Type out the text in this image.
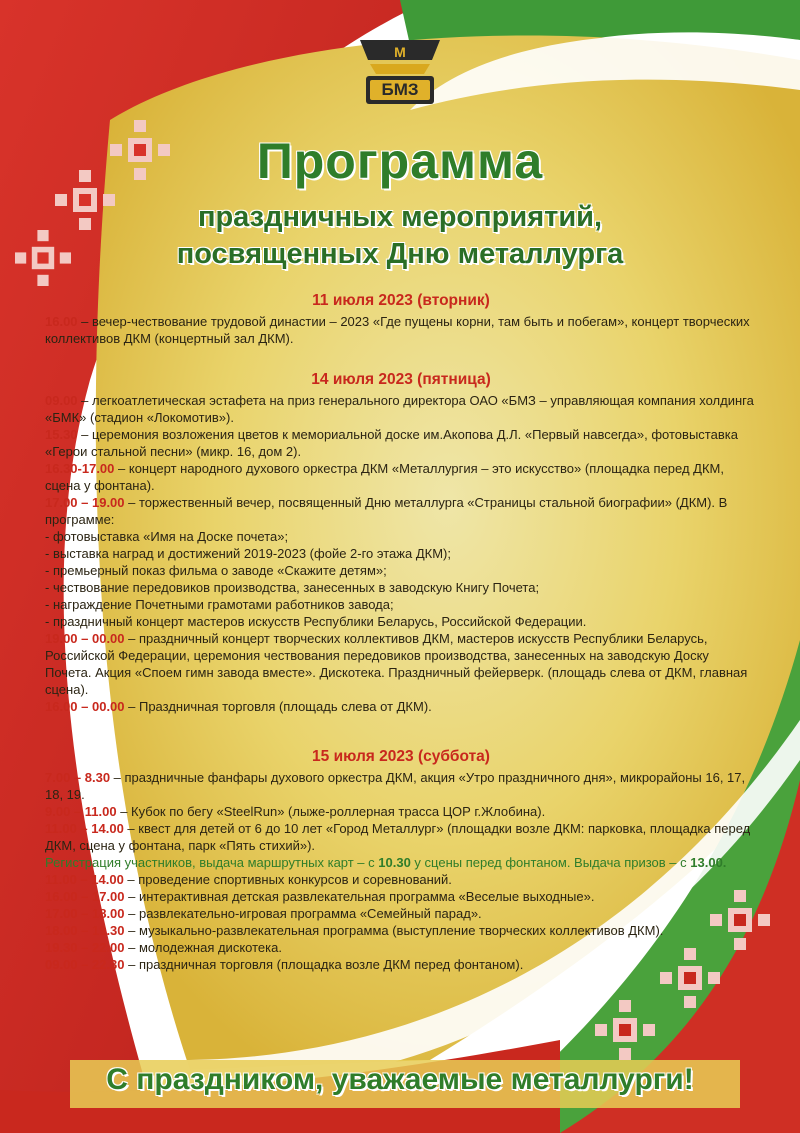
М
БМЗ
Программа
праздничных мероприятий,
посвященных Дню металлурга
11 июля 2023 (вторник)

16.00 – вечер-чествование трудовой династии – 2023 «Где пущены корни, там быть и побегам», концерт творческих коллективов ДКМ (концертный зал ДКМ).

14 июля 2023 (пятница)

09.00 – легкоатлетическая эстафета на приз генерального директора ОАО «БМЗ – управляющая компания холдинга «БМК» (стадион «Локомотив»).

15.30 – церемония возложения цветов к мемориальной доске им.Акопова Д.Л. «Первый навсегда», фотовыставка «Герои стальной песни» (микр. 16, дом 2).

16.30-17.00 – концерт народного духового оркестра ДКМ «Металлургия – это искусство» (площадка перед ДКМ, сцена у фонтана).

17.00 – 19.00 – торжественный вечер, посвященный Дню металлурга «Страницы стальной биографии» (ДКМ). В программе:

- фотовыставка «Имя на Доске почета»;

- выставка наград и достижений 2019-2023 (фойе 2-го этажа ДКМ);

- премьерный показ фильма о заводе «Скажите детям»;

- чествование передовиков производства, занесенных в заводскую Книгу Почета;

- награждение Почетными грамотами работников завода;

- праздничный концерт мастеров искусств Республики Беларусь, Российской Федерации.

19.00 – 00.00 – праздничный концерт творческих коллективов ДКМ, мастеров искусств Республики Беларусь, Российской Федерации, церемония чествования передовиков производства, занесенных на заводскую Доску Почета. Акция «Споем гимн завода вместе». Дискотека. Праздничный фейерверк. (площадь слева от ДКМ, главная сцена).

16.00 – 00.00 – Праздничная торговля (площадь слева от ДКМ).

15 июля 2023 (суббота)

7.00 – 8.30 – праздничные фанфары духового оркестра ДКМ, акция «Утро праздничного дня», микрорайоны 16, 17, 18, 19.

9.00 – 11.00 – Кубок по бегу «SteelRun» (лыже-роллерная трасса ЦОР г.Жлобина).

11.00 – 14.00 – квест для детей от 6 до 10 лет «Город Металлург» (площадки возле ДКМ: парковка, площадка перед ДКМ, сцена у фонтана, парк «Пять стихий»).

Регистрация участников, выдача маршрутных карт – с 10.30 у сцены перед фонтаном. Выдача призов – с 13.00.

11.00 – 14.00 – проведение спортивных конкурсов и соревнований.

16.00 – 17.00 – интерактивная детская развлекательная программа «Веселые выходные».

17.00 – 18.00 – развлекательно-игровая программа «Семейный парад».

18.00 – 19.30 – музыкально-развлекательная программа (выступление творческих коллективов ДКМ).

19.30 – 22.00 – молодежная дискотека.

09.00 – 22.30 – праздничная торговля (площадка возле ДКМ перед фонтаном).

С праздником, уважаемые металлурги!
